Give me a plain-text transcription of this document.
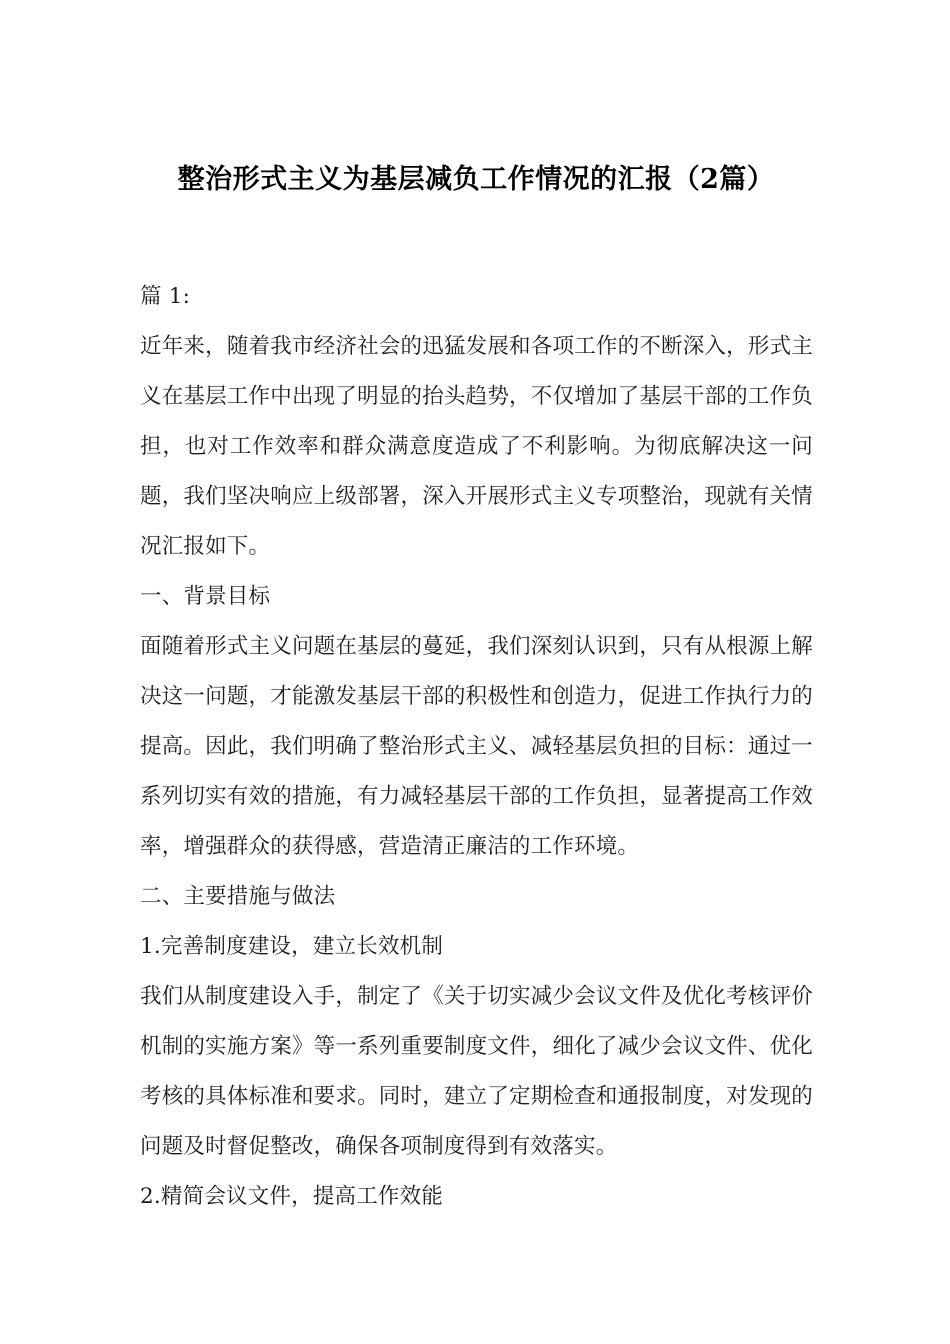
整治形式主义为基层减负工作情况的汇报（2篇）

篇 1:

近年来，随着我市经济社会的迅猛发展和各项工作的不断深入，形式主义在基层工作中出现了明显的抬头趋势，不仅增加了基层干部的工作负担，也对工作效率和群众满意度造成了不利影响。为彻底解决这一问题，我们坚决响应上级部署，深入开展形式主义专项整治，现就有关情况汇报如下。

一、背景目标

面随着形式主义问题在基层的蔓延，我们深刻认识到，只有从根源上解决这一问题，才能激发基层干部的积极性和创造力，促进工作执行力的提高。因此，我们明确了整治形式主义、减轻基层负担的目标：通过一系列切实有效的措施，有力减轻基层干部的工作负担，显著提高工作效率，增强群众的获得感，营造清正廉洁的工作环境。

二、主要措施与做法

1.完善制度建设，建立长效机制

我们从制度建设入手，制定了《关于切实减少会议文件及优化考核评价机制的实施方案》等一系列重要制度文件，细化了减少会议文件、优化考核的具体标准和要求。同时，建立了定期检查和通报制度，对发现的问题及时督促整改，确保各项制度得到有效落实。

2.精简会议文件，提高工作效能
